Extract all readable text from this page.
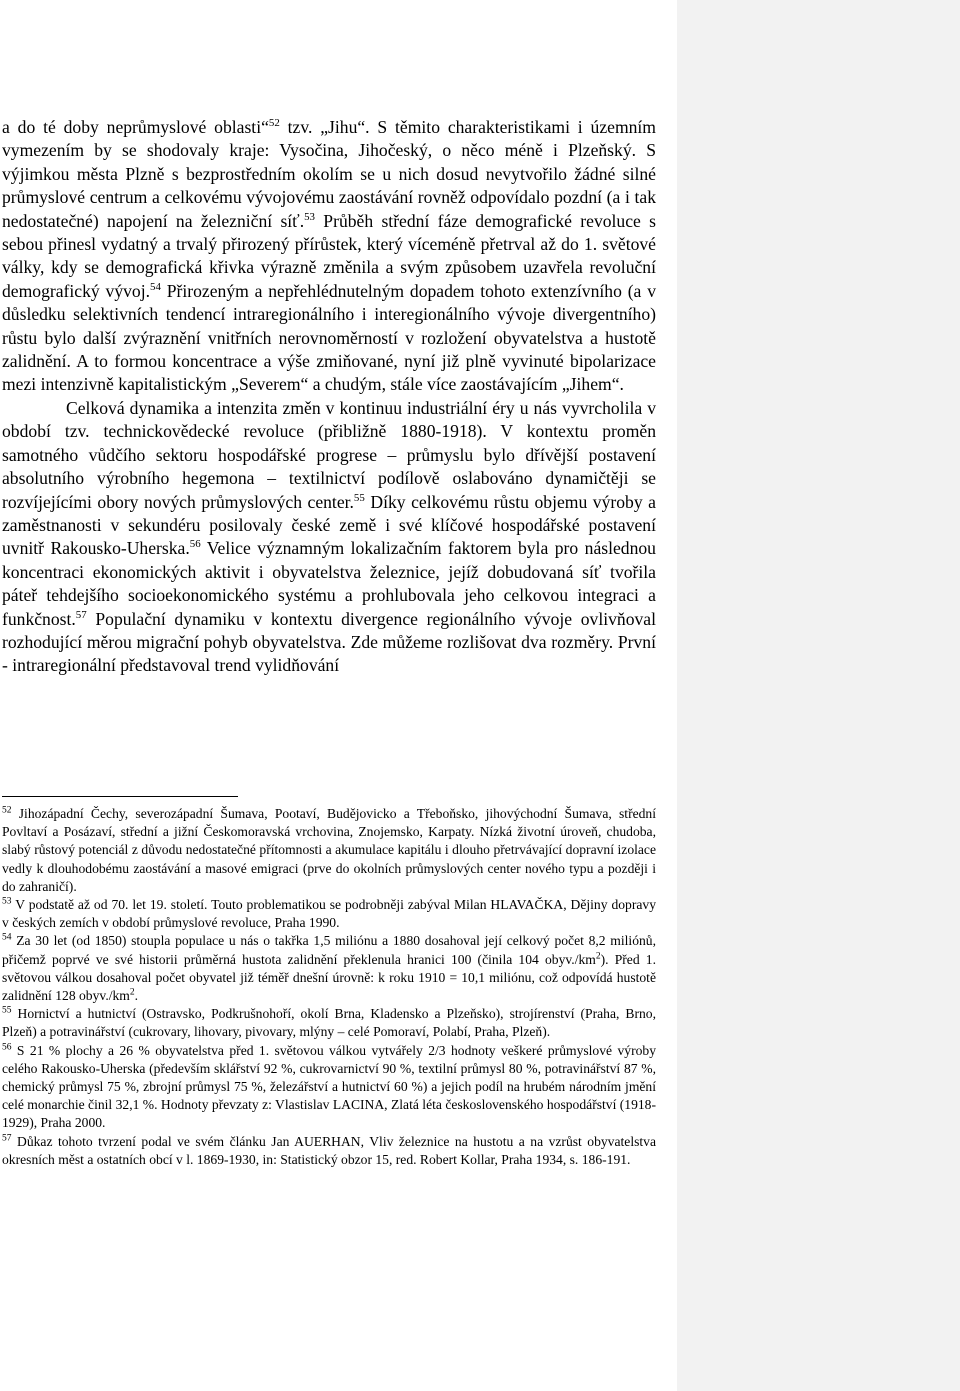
a do té doby neprůmyslové oblasti“$^{52}$ tzv. „Jihu“. S těmito charakteristikami i územním vymezením by se shodovaly kraje: Vysočina, Jihočeský, o něco méně i Plzeňský. S výjimkou města Plzně s bezprostředním okolím se u nich dosud nevytvořilo žádné silné průmyslové centrum a celkovému vývojovému zaostávání rovněž odpovídalo pozdní (a i tak nedostatečné) napojení na železniční síť.$^{53}$ Průběh střední fáze demografické revoluce s sebou přinesl vydatný a trvalý přirozený přírůstek, který víceméně přetrval až do 1. světové války, kdy se demografická křivka výrazně změnila a svým způsobem uzavřela revoluční demografický vývoj.$^{54}$ Přirozeným a nepřehlédnutelným dopadem tohoto extenzívního (a v důsledku selektivních tendencí intraregionálního i interegionálního vývoje divergentního) růstu bylo další zvýraznění vnitřních nerovnoměrností v rozložení obyvatelstva a hustotě zalidnění. A to formou koncentrace a výše zmiňované, nyní již plně vyvinuté bipolarizace mezi intenzivně kapitalistickým „Severem“ a chudým, stále více zaostávajícím „Jihem“.

Celková dynamika a intenzita změn v kontinuu industriální éry u nás vyvrcholila v období tzv. technickovědecké revoluce (přibližně 1880-1918). V kontextu proměn samotného vůdčího sektoru hospodářské progrese – průmyslu bylo dřívější postavení absolutního výrobního hegemona – textilnictví podílově oslabováno dynamičtěji se rozvíjejícími obory nových průmyslových center.$^{55}$ Díky celkovému růstu objemu výroby a zaměstnanosti v sekundéru posilovaly české země i své klíčové hospodářské postavení uvnitř Rakousko-Uherska.$^{56}$ Velice významným lokalizačním faktorem byla pro následnou koncentraci ekonomických aktivit i obyvatelstva železnice, jejíž dobudovaná síť tvořila páteř tehdejšího socioekonomického systému a prohlubovala jeho celkovou integraci a funkčnost.$^{57}$ Populační dynamiku v kontextu divergence regionálního vývoje ovlivňoval rozhodující měrou migrační pohyb obyvatelstva. Zde můžeme rozlišovat dva rozměry. První - intraregionální představoval trend vylidňování

$^{52}$ Jihozápadní Čechy, severozápadní Šumava, Pootaví, Budějovicko a Třeboňsko, jihovýchodní Šumava, střední Povltaví a Posázaví, střední a jižní Českomoravská vrchovina, Znojemsko, Karpaty. Nízká životní úroveň, chudoba, slabý růstový potenciál z důvodu nedostatečné přítomnosti a akumulace kapitálu i dlouho přetrvávající dopravní izolace vedly k dlouhodobému zaostávání a masové emigraci (prve do okolních průmyslových center nového typu a později i do zahraničí).

$^{53}$ V podstatě až od 70. let 19. století. Touto problematikou se podrobněji zabýval Milan HLAVAČKA, Dějiny dopravy v českých zemích v období průmyslové revoluce, Praha 1990.

$^{54}$ Za 30 let (od 1850) stoupla populace u nás o takřka 1,5 miliónu a 1880 dosahoval její celkový počet 8,2 miliónů, přičemž poprvé ve své historii průměrná hustota zalidnění překlenula hranici 100 (činila 104 $obyv./km^2$). Před 1. světovou válkou dosahoval počet obyvatel již téměř dnešní úrovně: k roku 1910 = 10,1 miliónu, což odpovídá hustotě zalidnění 128 $obyv./km^2$.

$^{55}$ Hornictví a hutnictví (Ostravsko, Podkrušnohoří, okolí Brna, Kladensko a Plzeňsko), strojírenství (Praha, Brno, Plzeň) a potravinářství (cukrovary, lihovary, pivovary, mlýny – celé Pomoraví, Polabí, Praha, Plzeň).

$^{56}$ S 21 % plochy a 26 % obyvatelstva před 1. světovou válkou vytvářely 2/3 hodnoty veškeré průmyslové výroby celého Rakousko-Uherska (především sklářství 92 %, cukrovarnictví 90 %, textilní průmysl 80 %, potravinářství 87 %, chemický průmysl 75 %, zbrojní průmysl 75 %, železářství a hutnictví 60 %) a jejich podíl na hrubém národním jmění celé monarchie činil 32,1 %. Hodnoty převzaty z: Vlastislav LACINA, Zlatá léta československého hospodářství (1918-1929), Praha 2000.

$^{57}$ Důkaz tohoto tvrzení podal ve svém článku Jan AUERHAN, Vliv železnice na hustotu a na vzrůst obyvatelstva okresních měst a ostatních obcí v l. 1869-1930, in: Statistický obzor 15, red. Robert Kollar, Praha 1934, s. 186-191.
